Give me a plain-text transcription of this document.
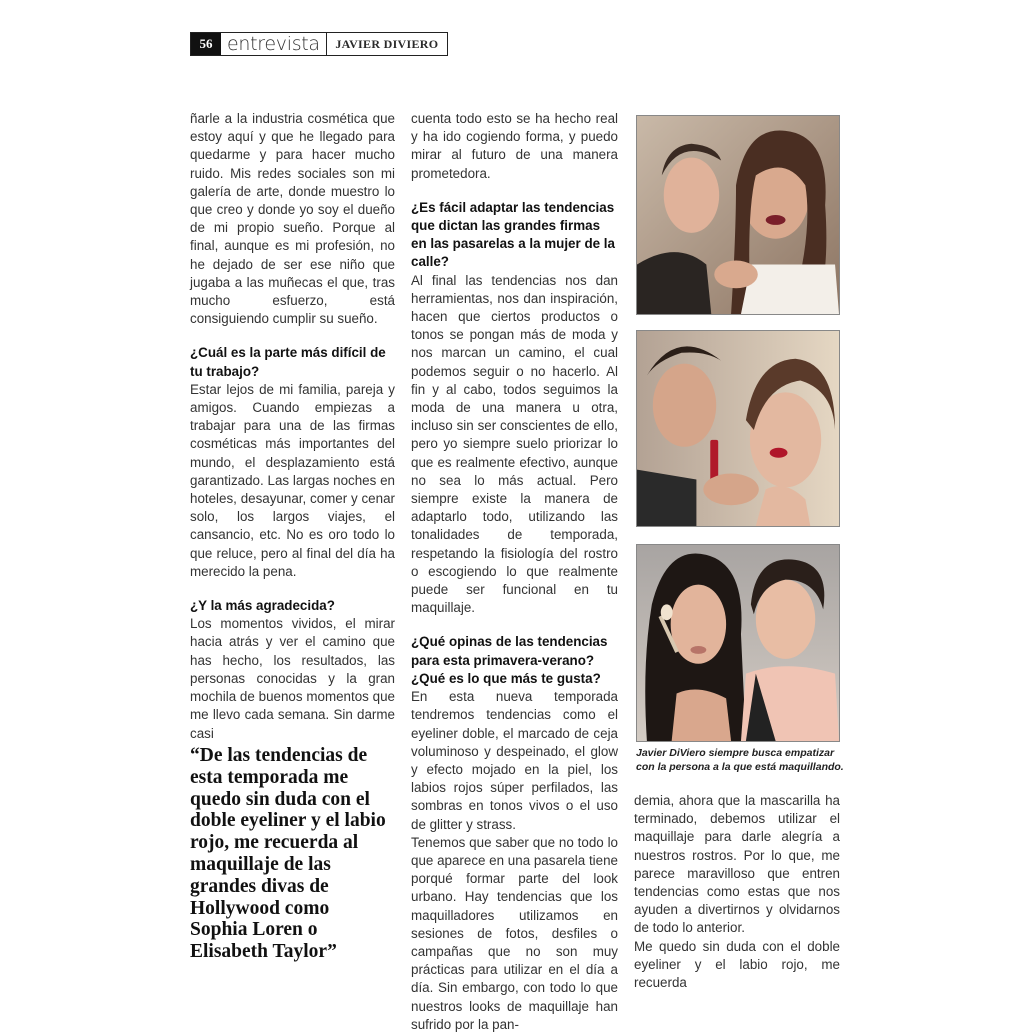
56 entrevista	JAVIER DIVIERO

ñarle a la industria cosmética que estoy aquí y que he llegado para quedarme y para hacer mucho ruido. Mis redes sociales son mi galería de arte, donde muestro lo que creo y donde yo soy el dueño de mi propio sueño. Porque al final, aunque es mi profesión, no he dejado de ser ese niño que jugaba a las muñecas el que, tras mucho esfuerzo, está consiguiendo cumplir su sueño.

¿Cuál es la parte más difícil de tu trabajo?

Estar lejos de mi familia, pareja y amigos. Cuando empiezas a trabajar para una de las firmas cosméticas más importantes del mundo, el desplazamiento está garantizado. Las largas noches en hoteles, desayunar, comer y cenar solo, los largos viajes, el cansancio, etc. No es oro todo lo que reluce, pero al final del día ha merecido la pena.

¿Y la más agradecida?

Los momentos vividos, el mirar hacia atrás y ver el camino que has hecho, los resultados, las personas conocidas y la gran mochila de buenos momentos que me llevo cada semana. Sin darme casi

cuenta todo esto se ha hecho real y ha ido cogiendo forma, y puedo mirar al futuro de una manera prometedora.

¿Es fácil adaptar las tendencias que dictan las grandes firmas en las pasarelas a la mujer de la calle?

Al final las tendencias nos dan herramientas, nos dan inspiración, hacen que ciertos productos o tonos se pongan más de moda y nos marcan un camino, el cual podemos seguir o no hacerlo. Al fin y al cabo, todos seguimos la moda de una manera u otra, incluso sin ser conscientes de ello, pero yo siempre suelo priorizar lo que es realmente efectivo, aunque no sea lo más actual. Pero siempre existe la manera de adaptarlo todo, utilizando las tonalidades de temporada, respetando la fisiología del rostro o escogiendo lo que realmente puede ser funcional en tu maquillaje.

¿Qué opinas de las tendencias para esta primavera-verano? ¿Qué es lo que más te gusta?

En esta nueva temporada tendremos tendencias como el eyeliner doble, el marcado de ceja voluminoso y despeinado, el glow y efecto mojado en la piel, los labios rojos súper perfilados, las sombras en tonos vivos o el uso de glitter y strass.

Tenemos que saber que no todo lo que aparece en una pasarela tiene porqué formar parte del look urbano. Hay tendencias que los maquilladores utilizamos en sesiones de fotos, desfiles o campañas que no son muy prácticas para utilizar en el día a día. Sin embargo, con todo lo que nuestros looks de maquillaje han sufrido por la pan-

demia, ahora que la mascarilla ha terminado, debemos utilizar el maquillaje para darle alegría a nuestros rostros. Por lo que, me parece maravilloso que entren tendencias como estas que nos ayuden a divertirnos y olvidarnos de todo lo anterior.

Me quedo sin duda con el doble eyeliner y el labio rojo, me recuerda

“De las tendencias de esta temporada me quedo sin duda con el doble eyeliner y el labio rojo, me recuerda al maquillaje de las grandes divas de Hollywood como Sophia Loren o Elisabeth Taylor”
Javier DiViero siempre busca empatizar con la persona a la que está maquillando.
